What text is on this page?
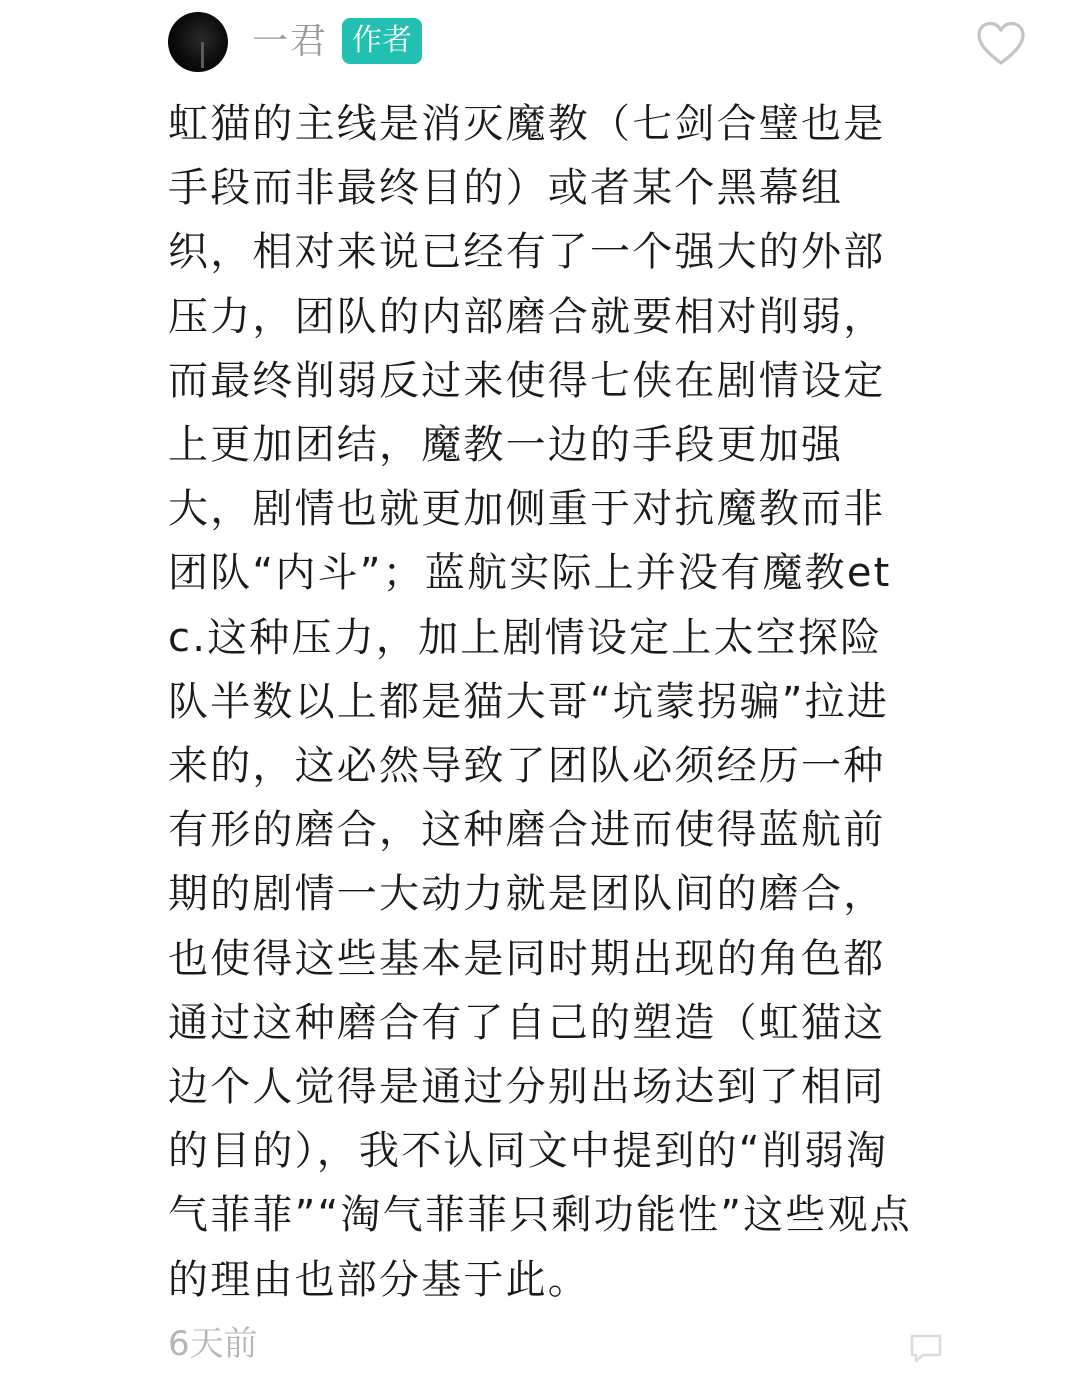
一君 作者

虹猫的主线是消灭魔教（七剑合璧也是手段而非最终目的）或者某个黑幕组织，相对来说已经有了一个强大的外部压力，团队的内部磨合就要相对削弱，而最终削弱反过来使得七侠在剧情设定上更加团结，魔教一边的手段更加强大，剧情也就更加侧重于对抗魔教而非团队“内斗”；蓝航实际上并没有魔教etc.这种压力，加上剧情设定上太空探险队半数以上都是猫大哥“坑蒙拐骗”拉进来的，这必然导致了团队必须经历一种有形的磨合，这种磨合进而使得蓝航前期的剧情一大动力就是团队间的磨合，也使得这些基本是同时期出现的角色都通过这种磨合有了自己的塑造（虹猫这边个人觉得是通过分别出场达到了相同的目的），我不认同文中提到的“削弱淘气菲菲”“淘气菲菲只剩功能性”这些观点的理由也部分基于此。

6天前
